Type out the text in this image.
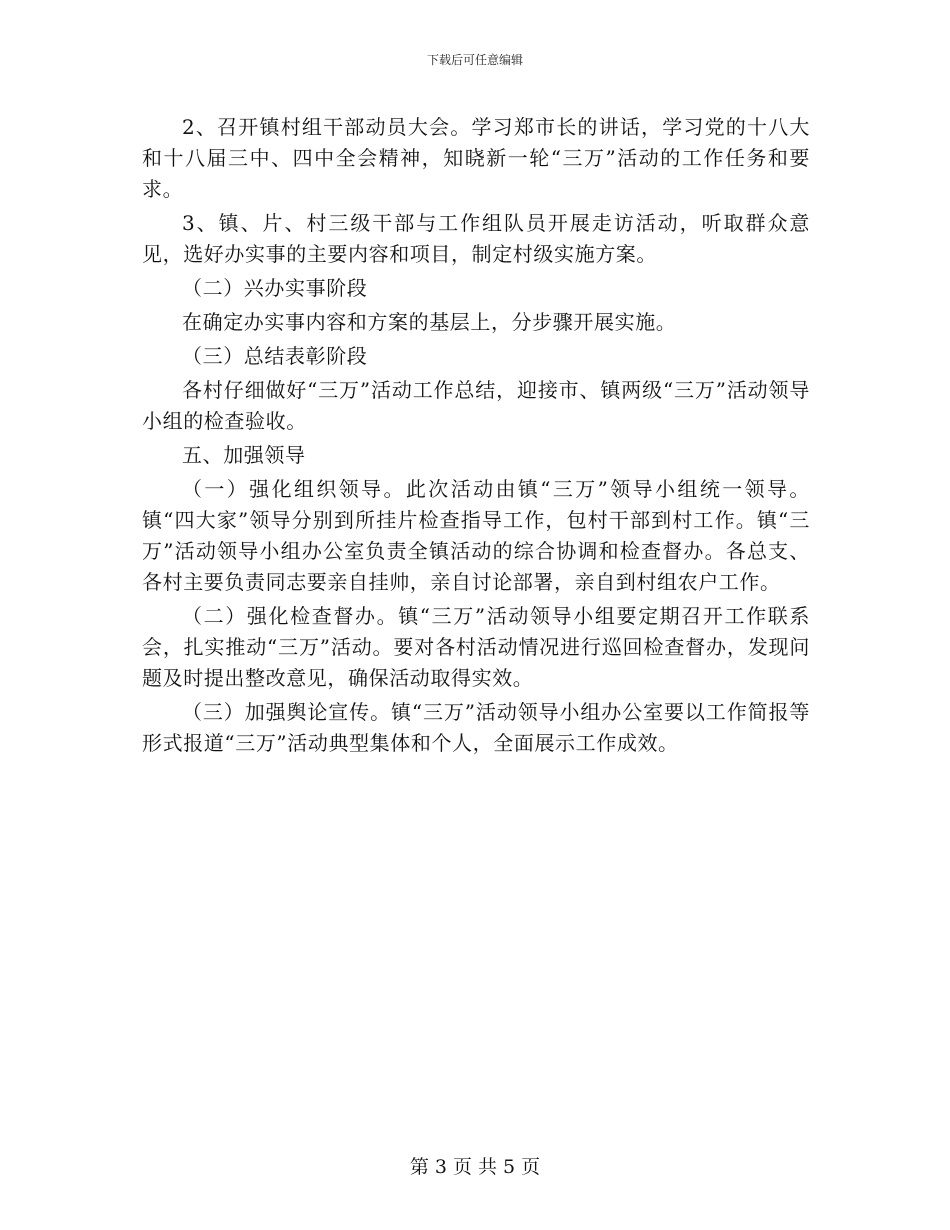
下载后可任意编辑

2、召开镇村组干部动员大会。学习郑市长的讲话，学习党的十八大和十八届三中、四中全会精神，知晓新一轮“三万”活动的工作任务和要求。

3、镇、片、村三级干部与工作组队员开展走访活动，听取群众意见，选好办实事的主要内容和项目，制定村级实施方案。

（二）兴办实事阶段

在确定办实事内容和方案的基层上，分步骤开展实施。

（三）总结表彰阶段

各村仔细做好“三万”活动工作总结，迎接市、镇两级“三万”活动领导小组的检查验收。

五、加强领导

（一）强化组织领导。此次活动由镇“三万”领导小组统一领导。镇“四大家”领导分别到所挂片检查指导工作，包村干部到村工作。镇“三万”活动领导小组办公室负责全镇活动的综合协调和检查督办。各总支、各村主要负责同志要亲自挂帅，亲自讨论部署，亲自到村组农户工作。

（二）强化检查督办。镇“三万”活动领导小组要定期召开工作联系会，扎实推动“三万”活动。要对各村活动情况进行巡回检查督办，发现问题及时提出整改意见，确保活动取得实效。

（三）加强舆论宣传。镇“三万”活动领导小组办公室要以工作简报等形式报道“三万”活动典型集体和个人，全面展示工作成效。

第 3 页 共 5 页
